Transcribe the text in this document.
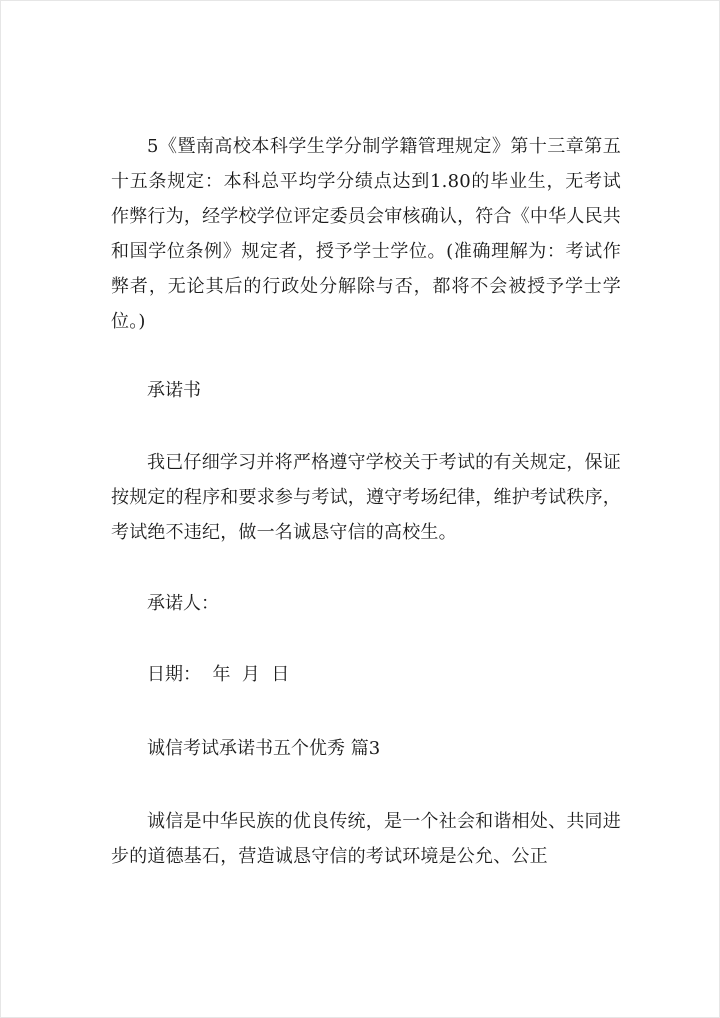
5《暨南高校本科学生学分制学籍管理规定》第十三章第五十五条规定：本科总平均学分绩点达到1.80的毕业生，无考试作弊行为，经学校学位评定委员会审核确认，符合《中华人民共和国学位条例》规定者，授予学士学位。(准确理解为：考试作弊者，无论其后的行政处分解除与否，都将不会被授予学士学位。)

承诺书

我已仔细学习并将严格遵守学校关于考试的有关规定，保证按规定的程序和要求参与考试，遵守考场纪律，维护考试秩序，考试绝不违纪，做一名诚恳守信的高校生。

承诺人：

日期：  年  月  日

诚信考试承诺书五个优秀 篇3

诚信是中华民族的优良传统，是一个社会和谐相处、共同进步的道德基石，营造诚恳守信的考试环境是公允、公正
